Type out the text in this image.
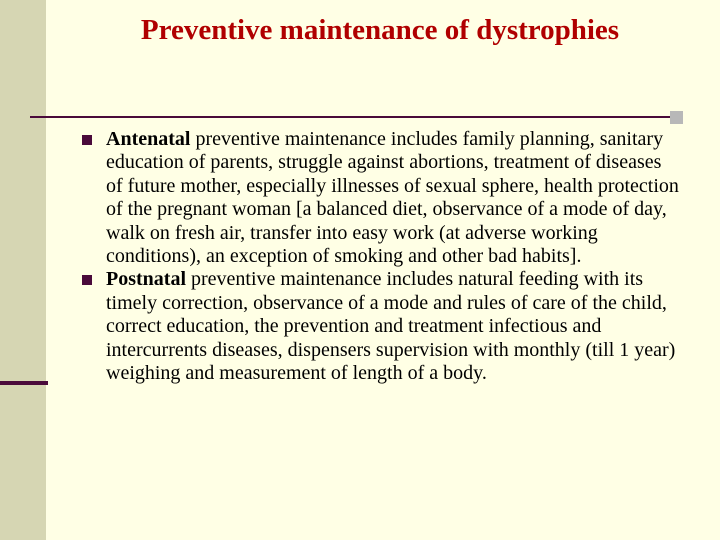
Preventive maintenance of dystrophies

Antenatal preventive maintenance includes family planning, sanitary education of parents, struggle against abortions, treatment of diseases of future mother, especially illnesses of sexual sphere, health protection of the pregnant woman [a balanced diet, observance of a mode of day, walk on fresh air, transfer into easy work (at adverse working conditions), an exception of smoking and other bad habits].

Postnatal preventive maintenance includes natural feeding with its timely correction, observance of a mode and rules of care of the child, correct education, the prevention and treatment infectious and intercurrents diseases, dispensers supervision with monthly (till 1 year) weighing and measurement of length of a body.
